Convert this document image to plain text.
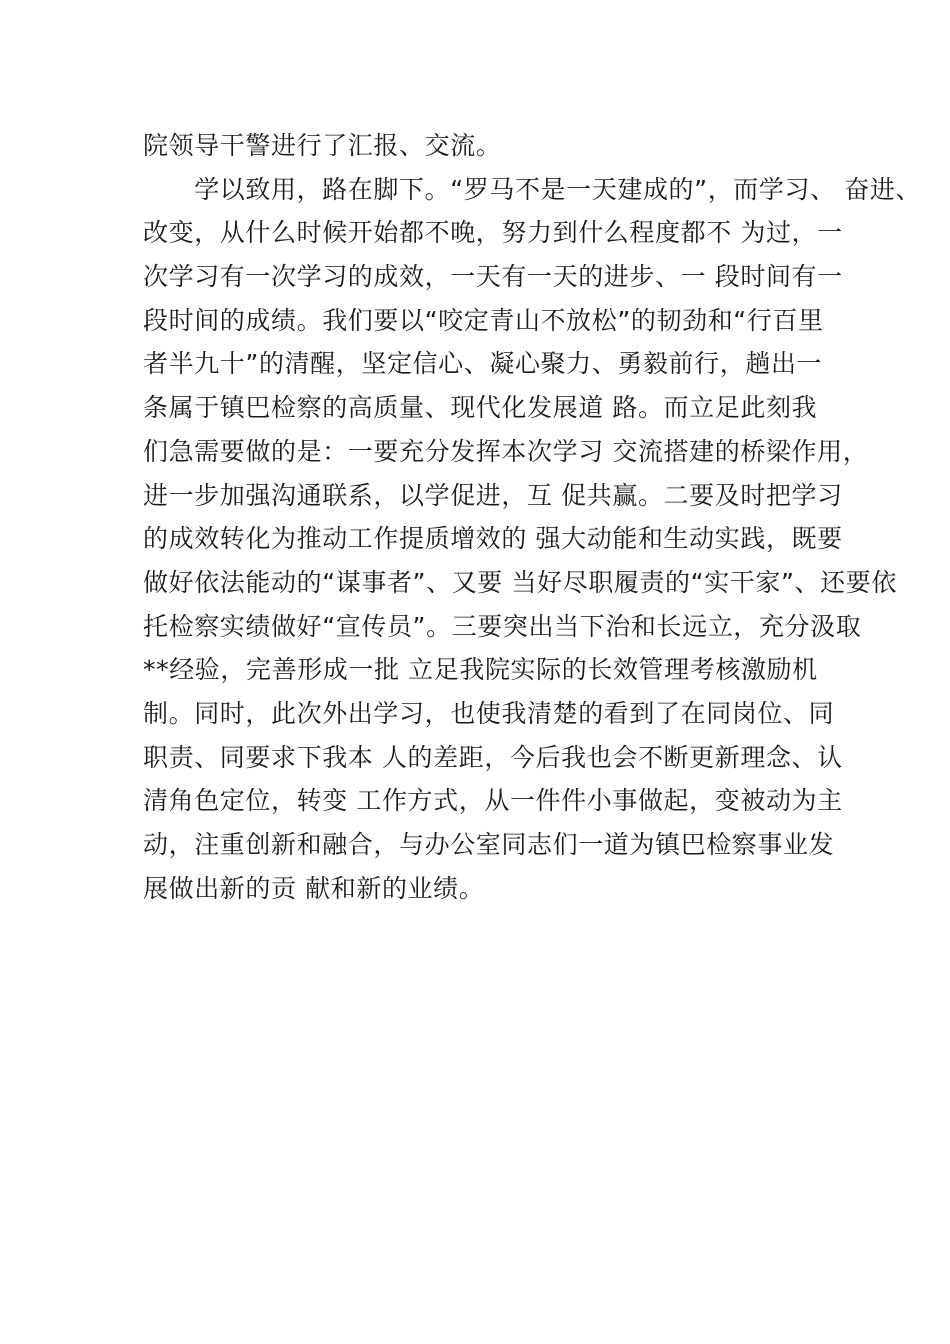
院领导干警进行了汇报、交流。
　　学以致用，路在脚下。“罗马不是一天建成的”，而学习、 奋进、
改变，从什么时候开始都不晚，努力到什么程度都不 为过，一
次学习有一次学习的成效，一天有一天的进步、一 段时间有一
段时间的成绩。我们要以“咬定青山不放松”的韧劲和“行百里
者半九十”的清醒，坚定信心、凝心聚力、勇毅前行，趟出一
条属于镇巴检察的高质量、现代化发展道 路。而立足此刻我
们急需要做的是：一要充分发挥本次学习 交流搭建的桥梁作用，
进一步加强沟通联系，以学促进，互 促共赢。二要及时把学习
的成效转化为推动工作提质增效的 强大动能和生动实践，既要
做好依法能动的“谋事者”、又要 当好尽职履责的“实干家”、还要依
托检察实绩做好“宣传员”。三要突出当下治和长远立，充分汲取
**经验，完善形成一批 立足我院实际的长效管理考核激励机
制。同时，此次外出学习，也使我清楚的看到了在同岗位、同
职责、同要求下我本 人的差距，今后我也会不断更新理念、认
清角色定位，转变 工作方式，从一件件小事做起，变被动为主
动，注重创新和融合，与办公室同志们一道为镇巴检察事业发
展做出新的贡 献和新的业绩。
